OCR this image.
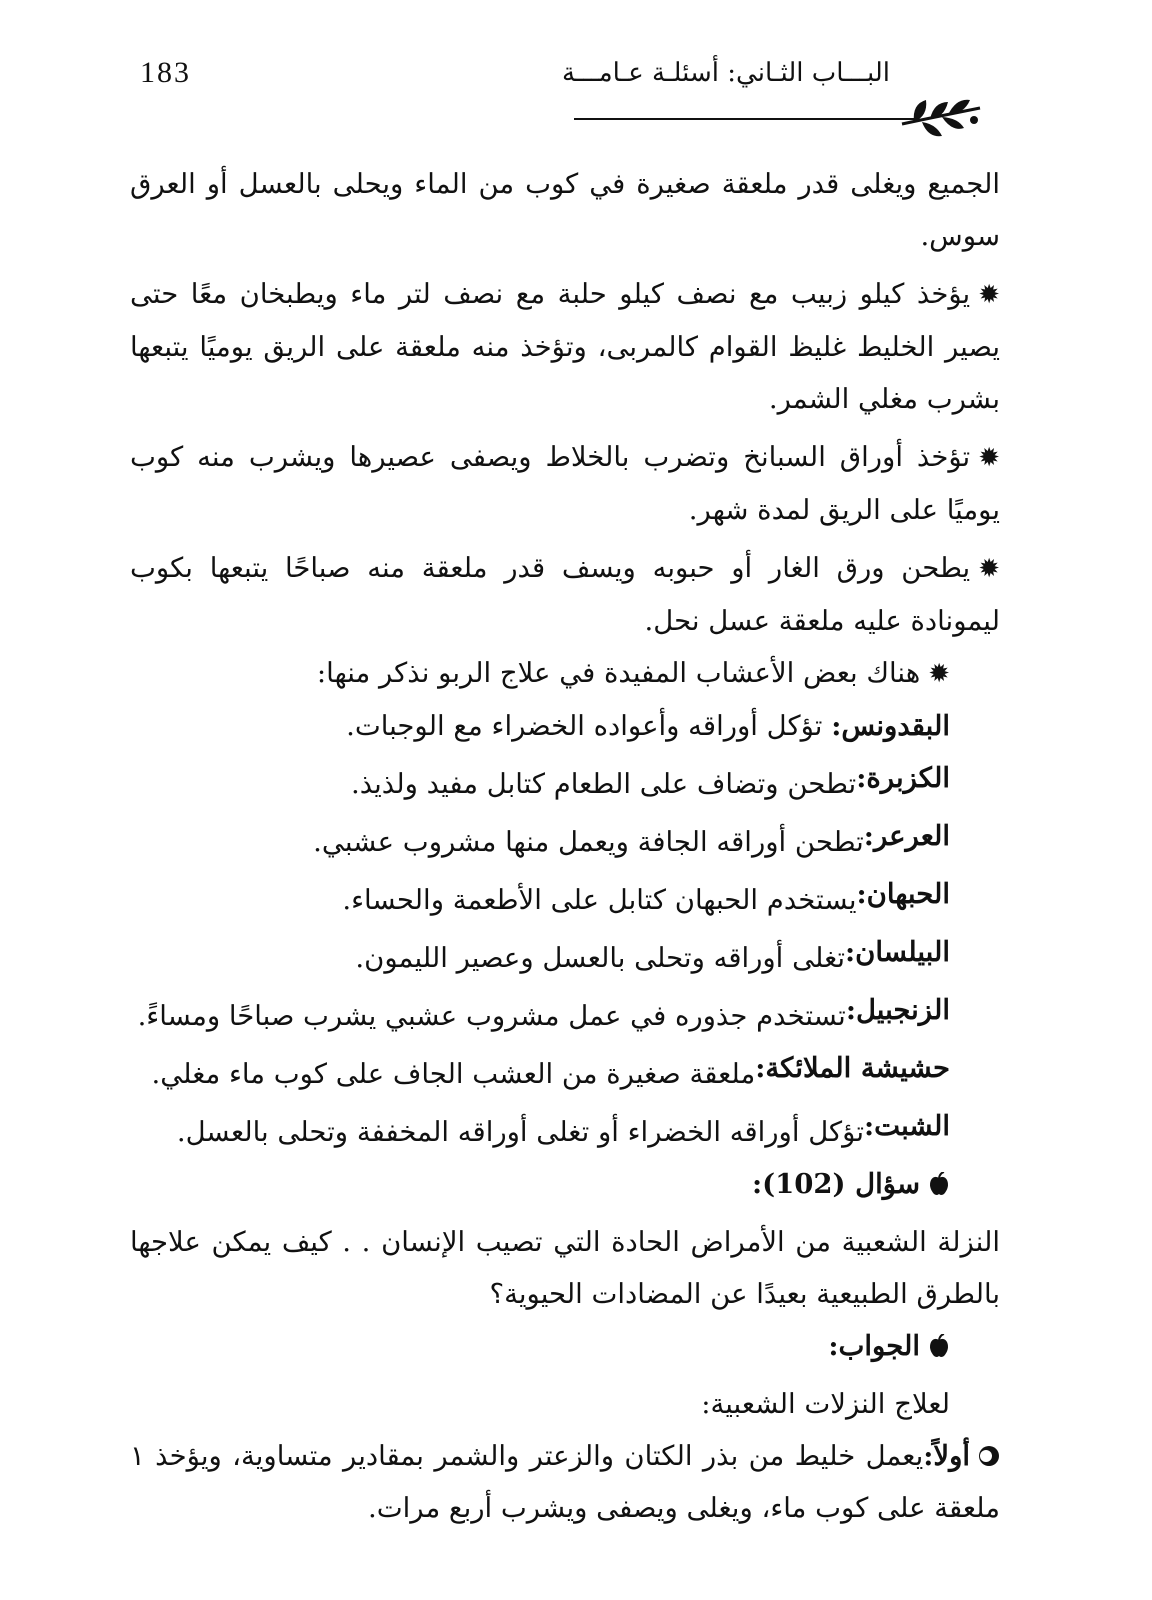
183	البـــاب الثـاني: أسئلـة عـامـــة

الجميع ويغلى قدر ملعقة صغيرة في كوب من الماء ويحلى بالعسل أو العرق سوس.

✹يؤخذ كيلو زبيب مع نصف كيلو حلبة مع نصف لتر ماء ويطبخان معًا حتى يصير الخليط غليظ القوام كالمربى، وتؤخذ منه ملعقة على الريق يوميًا يتبعها بشرب مغلي الشمر.

✹تؤخذ أوراق السبانخ وتضرب بالخلاط ويصفى عصيرها ويشرب منه كوب يوميًا على الريق لمدة شهر.

✹يطحن ورق الغار أو حبوبه ويسف قدر ملعقة منه صباحًا يتبعها بكوب ليمونادة عليه ملعقة عسل نحل.

✹هناك بعض الأعشاب المفيدة في علاج الربو نذكر منها:

البقدونس: تؤكل أوراقه وأعواده الخضراء مع الوجبات.
الكزبرة:تطحن وتضاف على الطعام كتابل مفيد ولذيذ.
العرعر:تطحن أوراقه الجافة ويعمل منها مشروب عشبي.
الحبهان:يستخدم الحبهان كتابل على الأطعمة والحساء.
البيلسان:تغلى أوراقه وتحلى بالعسل وعصير الليمون.
الزنجبيل:تستخدم جذوره في عمل مشروب عشبي يشرب صباحًا ومساءً.
حشيشة الملائكة:ملعقة صغيرة من العشب الجاف على كوب ماء مغلي.
الشبت:تؤكل أوراقه الخضراء أو تغلى أوراقه المخففة وتحلى بالعسل.

سؤال (102):

النزلة الشعبية من الأمراض الحادة التي تصيب الإنسان . . كيف يمكن علاجها بالطرق الطبيعية بعيدًا عن المضادات الحيوية؟

الجواب:

لعلاج النزلات الشعبية:

أولاً:يعمل خليط من بذر الكتان والزعتر والشمر بمقادير متساوية، ويؤخذ ١ ملعقة على كوب ماء، ويغلى ويصفى ويشرب أربع مرات.
